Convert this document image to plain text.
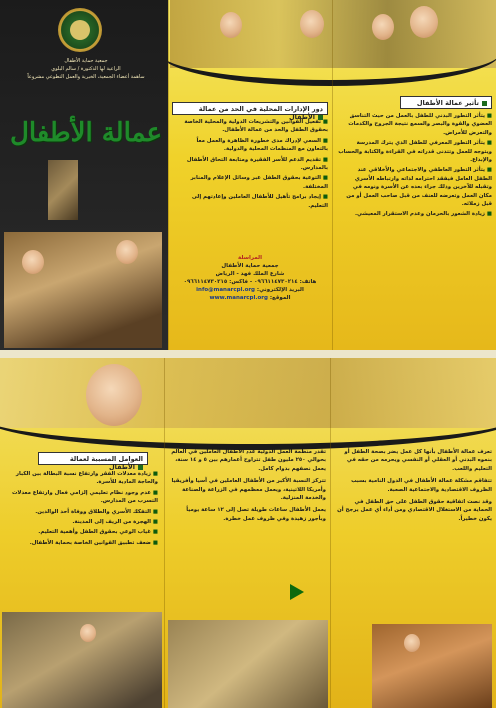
جمعية حماية الأطفال
الراعية لها الدكتورة / سالم البلوي
ساهمة أعضاء الجمعية، الخيرية والعمل التطوعي مشروعاً
عمالة الأطفال
دور الإدارات المحلية في الحد من عمالة الأطفال
■ تفعيل القوانين والتشريعات الدولية والمحلية الخاصة بحقوق الطفل والحد من عمالة الأطفال.
■ السعي لإدراك مدى خطورة الظاهرة والعمل معاً بالتعاون مع المنظمات المحلية والدولية.
■ تقديم الدعم للأسر الفقيرة ومتابعة التحاق الأطفال بالمدارس.
■ التوعية بحقوق الطفل عبر وسائل الإعلام والمنابر المختلفة.
■ إيجاد برامج تأهيل للأطفال العاملين وإعادتهم إلى التعليم.
المراسلة
جمعية حماية الأطفال
شارع الملك فهد - الرياض
هاتف: ٠٩٦٦١١٤٧٣٠٢١٤ - فاكس: ٠٩٦٦١١٤٧٣٠٢١٥
البريد الإلكتروني: info@manarcpl.org
الموقع: www.manarcpl.org
تأثير عمالة الأطفال
■ يتأثر التطور البدني للطفل بالعمل من حيث التناسق العضوي والقوة والبصر والسمع نتيجة الجروح والكدمات والتعرض للأمراض.
■ يتأثر التطور المعرفي للطفل الذي يترك المدرسة ويتوجه للعمل وتتدنى قدراته في القراءة والكتابة والحساب والإبداع.
■ يتأثر التطور العاطفي والاجتماعي والأخلاقي عند الطفل العامل فيفقد احترامه لذاته وارتباطه الأسري وتقبله للآخرين وذلك جراء بعده عن الأسرة ونومه في مكان العمل وتعرضه للعنف من قبل صاحب العمل أو من قبل زملائه.
■ زيادة الشعور بالحرمان وعدم الاستقرار المعيشي.
العوامل المسببة لعمالة الأطفال
■ زيادة معدلات الفقر وارتفاع نسبة البطالة بين الكبار والحاجة المادية للأسرة.
■ عدم وجود نظام تعليمي إلزامي فعال وارتفاع معدلات التسرب من المدارس.
■ التفكك الأسري والطلاق ووفاة أحد الوالدين.
■ الهجرة من الريف إلى المدينة.
■ غياب الوعي بحقوق الطفل وأهمية التعليم.
■ ضعف تطبيق القوانين الخاصة بحماية الأطفال.

تقدر منظمة العمل الدولية عدد الأطفال العاملين في العالم بحوالي ٢٥٠ مليون طفل تتراوح أعمارهم بين ٥ و ١٤ سنة، يعمل نصفهم بدوام كامل.

تتركز النسبة الأكبر من الأطفال العاملين في آسيا وأفريقيا وأمريكا اللاتينية، ويعمل معظمهم في الزراعة والصناعة والخدمة المنزلية.

يعمل الأطفال ساعات طويلة تصل إلى ١٢ ساعة يومياً وبأجور زهيدة وفي ظروف عمل خطرة.

تعرف عمالة الأطفال بأنها كل عمل يضر بصحة الطفل أو بنموه البدني أو العقلي أو النفسي ويحرمه من حقه في التعليم واللعب.

تتفاقم مشكلة عمالة الأطفال في الدول النامية بسبب الظروف الاقتصادية والاجتماعية الصعبة.

وقد نصت اتفاقية حقوق الطفل على حق الطفل في الحماية من الاستغلال الاقتصادي ومن أداء أي عمل يرجح أن يكون خطيراً.
